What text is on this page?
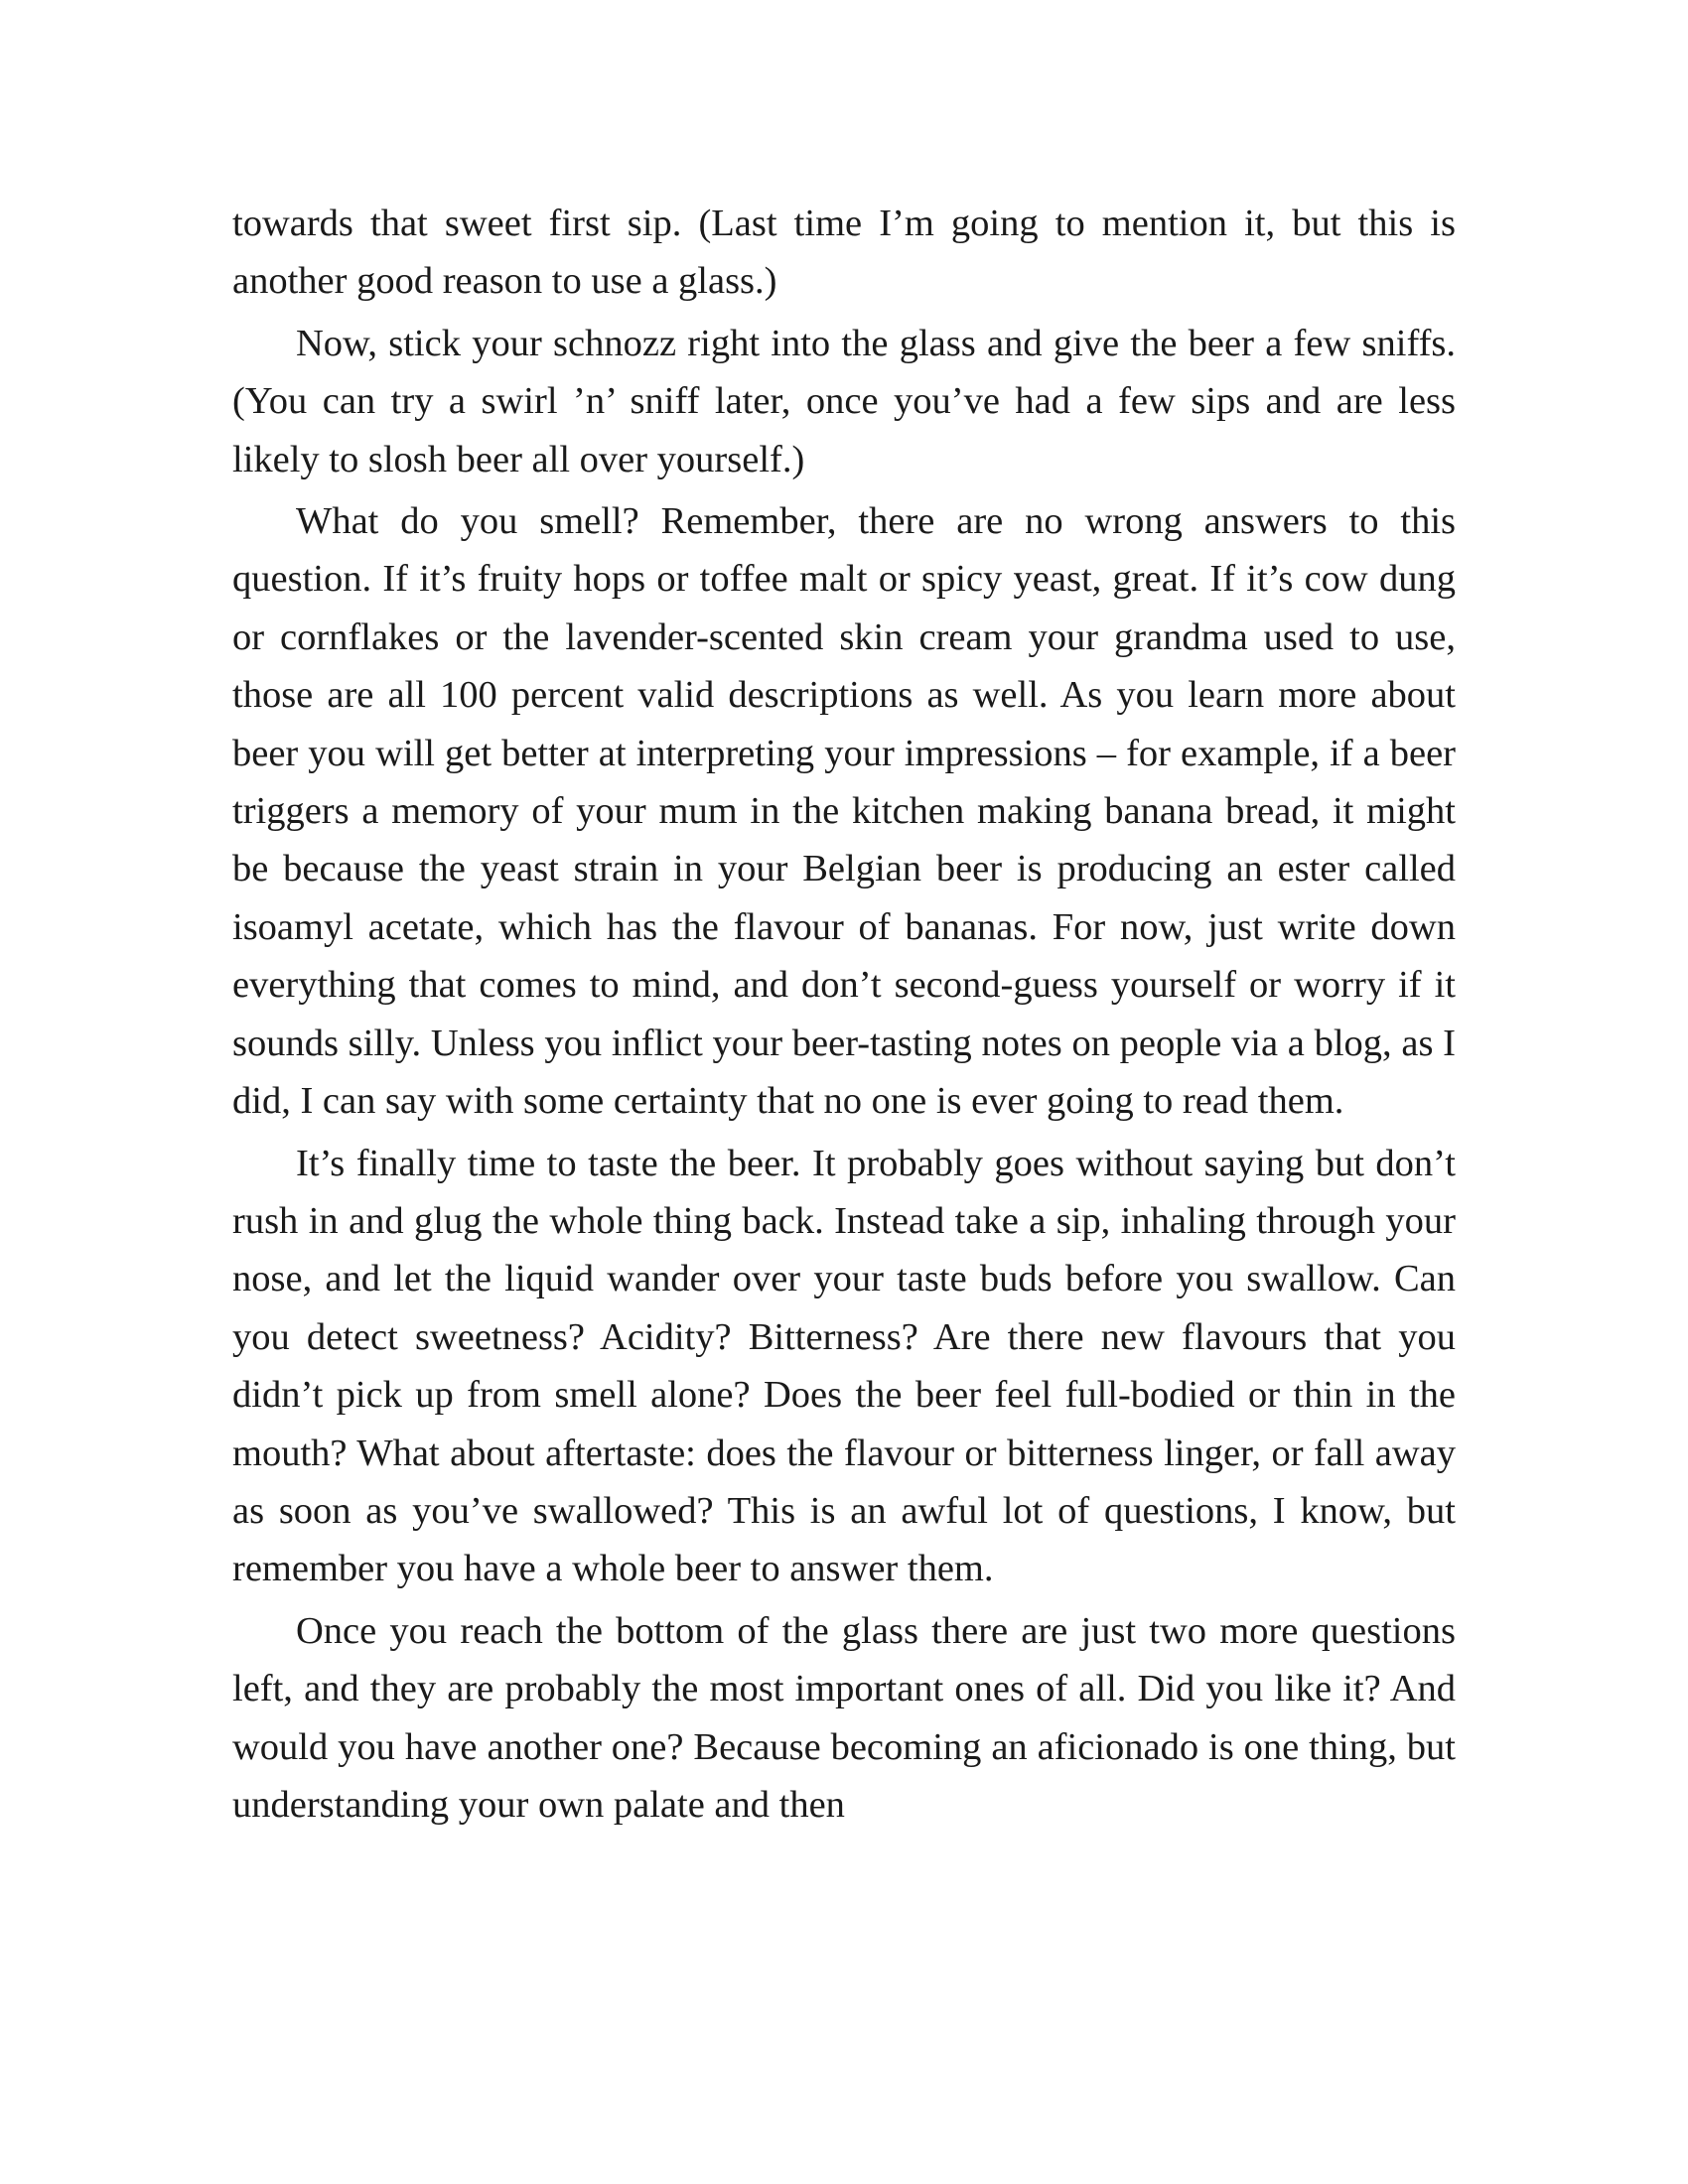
towards that sweet first sip. (Last time I’m going to mention it, but this is another good reason to use a glass.)

Now, stick your schnozz right into the glass and give the beer a few sniffs. (You can try a swirl ’n’ sniff later, once you’ve had a few sips and are less likely to slosh beer all over yourself.)

What do you smell? Remember, there are no wrong answers to this question. If it’s fruity hops or toffee malt or spicy yeast, great. If it’s cow dung or cornflakes or the lavender-scented skin cream your grandma used to use, those are all 100 percent valid descriptions as well. As you learn more about beer you will get better at interpreting your impressions – for example, if a beer triggers a memory of your mum in the kitchen making banana bread, it might be because the yeast strain in your Belgian beer is producing an ester called isoamyl acetate, which has the flavour of bananas. For now, just write down everything that comes to mind, and don’t second-guess yourself or worry if it sounds silly. Unless you inflict your beer-tasting notes on people via a blog, as I did, I can say with some certainty that no one is ever going to read them.

It’s finally time to taste the beer. It probably goes without saying but don’t rush in and glug the whole thing back. Instead take a sip, inhaling through your nose, and let the liquid wander over your taste buds before you swallow. Can you detect sweetness? Acidity? Bitterness? Are there new flavours that you didn’t pick up from smell alone? Does the beer feel full-bodied or thin in the mouth? What about aftertaste: does the flavour or bitterness linger, or fall away as soon as you’ve swallowed? This is an awful lot of questions, I know, but remember you have a whole beer to answer them.

Once you reach the bottom of the glass there are just two more questions left, and they are probably the most important ones of all. Did you like it? And would you have another one? Because becoming an aficionado is one thing, but understanding your own palate and then
